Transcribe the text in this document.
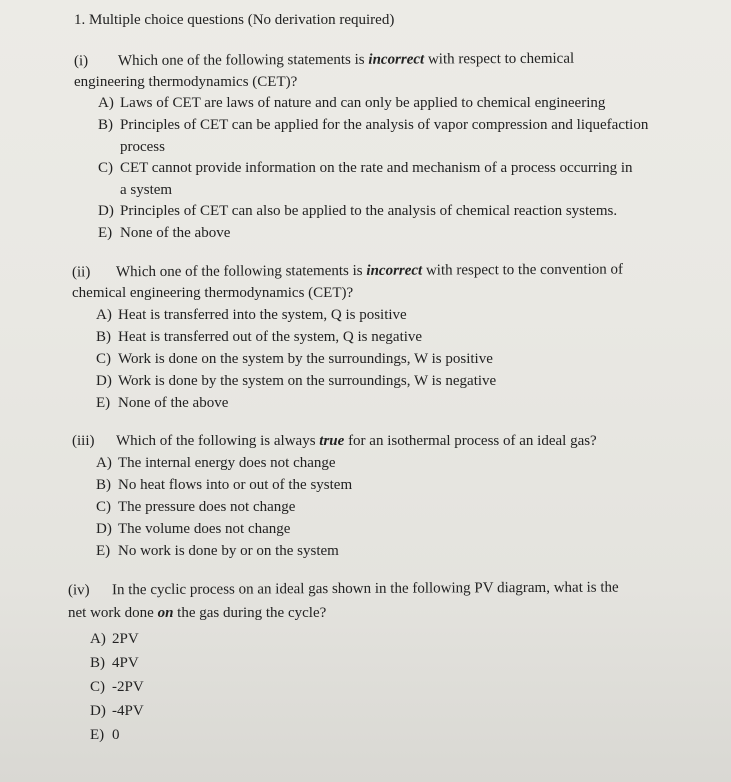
1. Multiple choice questions (No derivation required)
(i) Which one of the following statements is incorrect with respect to chemical
engineering thermodynamics (CET)?
A) Laws of CET are laws of nature and can only be applied to chemical engineering
B) Principles of CET can be applied for the analysis of vapor compression and liquefaction
process
C) CET cannot provide information on the rate and mechanism of a process occurring in
a system
D) Principles of CET can also be applied to the analysis of chemical reaction systems.
E) None of the above
(ii) Which one of the following statements is incorrect with respect to the convention of
chemical engineering thermodynamics (CET)?
A) Heat is transferred into the system, Q is positive
B) Heat is transferred out of the system, Q is negative
C) Work is done on the system by the surroundings, W is positive
D) Work is done by the system on the surroundings, W is negative
E) None of the above
(iii) Which of the following is always true for an isothermal process of an ideal gas?
A) The internal energy does not change
B) No heat flows into or out of the system
C) The pressure does not change
D) The volume does not change
E) No work is done by or on the system
(iv) In the cyclic process on an ideal gas shown in the following PV diagram, what is the
net work done on the gas during the cycle?
A) 2PV
B) 4PV
C) -2PV
D) -4PV
E) 0
